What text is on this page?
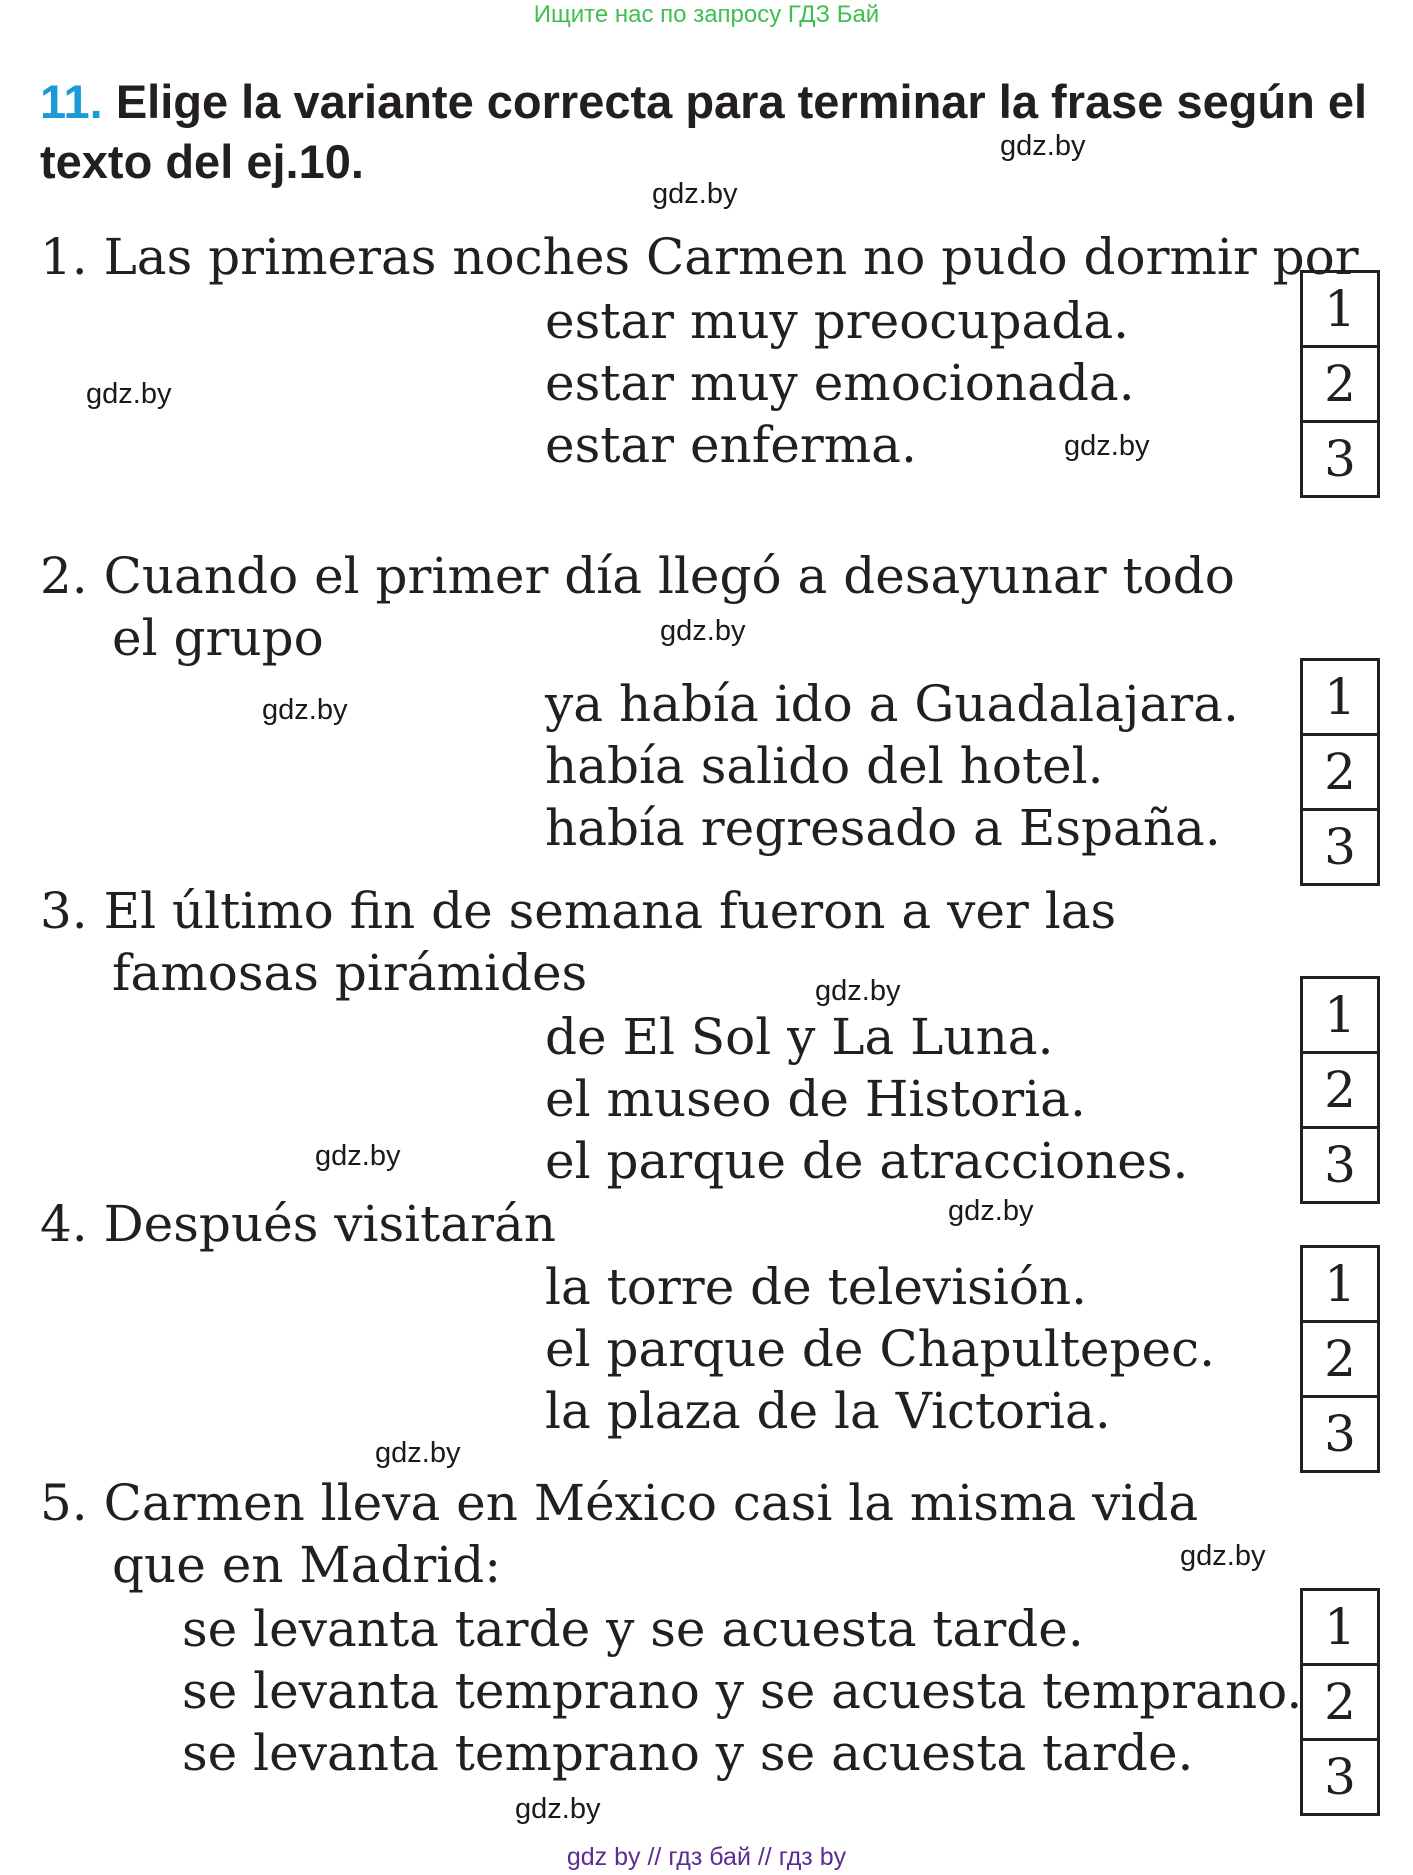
Ищите нас по запросу ГДЗ Бай
11. Elige la variante correcta para terminar la frase según el texto del ej.10.	gdz.by
gdz.by
gdz.by
gdz.by
gdz.by
gdz.by
gdz.by
gdz.by
gdz.by
gdz.by
gdz.by
gdz.by
1. Las primeras noches Carmen no pudo dormir por
estar muy preocupada.
estar muy emocionada.
estar enferma.
1
2
3
2. Cuando el primer día llegó a desayunar todo
el grupo
ya había ido a Guadalajara.
había salido del hotel.
había regresado a España.
1
2
3
3. El último fin de semana fueron a ver las
famosas pirámides
de El Sol y La Luna.
el museo de Historia.
el parque de atracciones.
1
2
3
4. Después visitarán
la torre de televisión.
el parque de Chapultepec.
la plaza de la Victoria.
1
2
3
5. Carmen lleva en México casi la misma vida
que en Madrid:
se levanta tarde y se acuesta tarde.
se levanta temprano y se acuesta temprano.
se levanta temprano y se acuesta tarde.
1
2
3
gdz by // гдз бай // гдз by
